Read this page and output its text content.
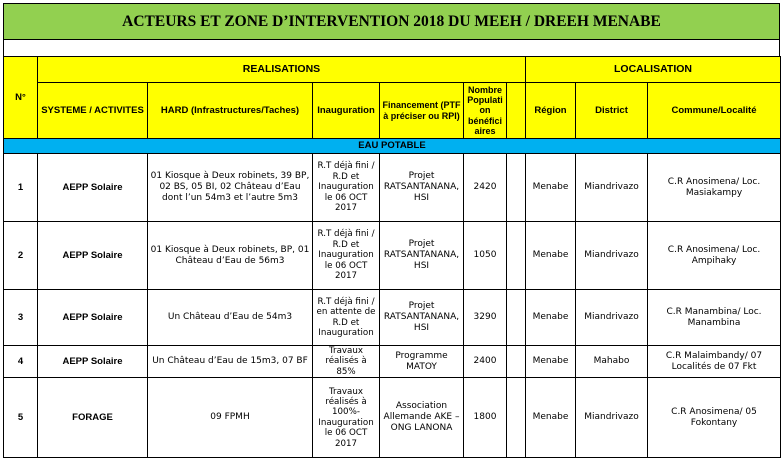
ACTEURS ET ZONE D’INTERVENTION 2018 DU MEEH / DREEH MENABE
N°	REALISATIONS						LOCALISATION		
	SYSTEME / ACTIVITES	HARD (Infrastructures/Taches)	Inauguration	Financement (PTF à préciser ou RPI)	Nombre Populati on bénéfici aires		Région	District	Commune/Localité
EAU POTABLE									
1	AEPP Solaire	01 Kiosque à Deux robinets, 39 BP, 02 BS, 05 BI, 02 Château d’Eau dont l’un 54m3 et l’autre 5m3	R.T déjà fini / R.D et Inauguration le 06 OCT 2017	Projet RATSANTANANA, HSI	2420		Menabe	Miandrivazo	C.R Anosimena/ Loc. Masiakampy
2	AEPP Solaire	01 Kiosque à Deux robinets, BP, 01 Château d’Eau de 56m3	R.T déjà fini / R.D et Inauguration le 06 OCT 2017	Projet RATSANTANANA, HSI	1050		Menabe	Miandrivazo	C.R Anosimena/ Loc. Ampihaky
3	AEPP Solaire	Un Château d’Eau de 54m3	R.T déjà fini / en attente de R.D et Inauguration	Projet RATSANTANANA, HSI	3290		Menabe	Miandrivazo	C.R Manambina/ Loc. Manambina
4	AEPP Solaire	Un Château d’Eau de 15m3, 07 BF	Travaux réalisés à 85%	Programme MATOY	2400		Menabe	Mahabo	C.R Malaimbandy/ 07 Localités de 07 Fkt
5	FORAGE	09 FPMH	Travaux réalisés à 100%- Inauguration le 06 OCT 2017	Association Allemande AKE – ONG LANONA	1800		Menabe	Miandrivazo	C.R Anosimena/ 05 Fokontany
